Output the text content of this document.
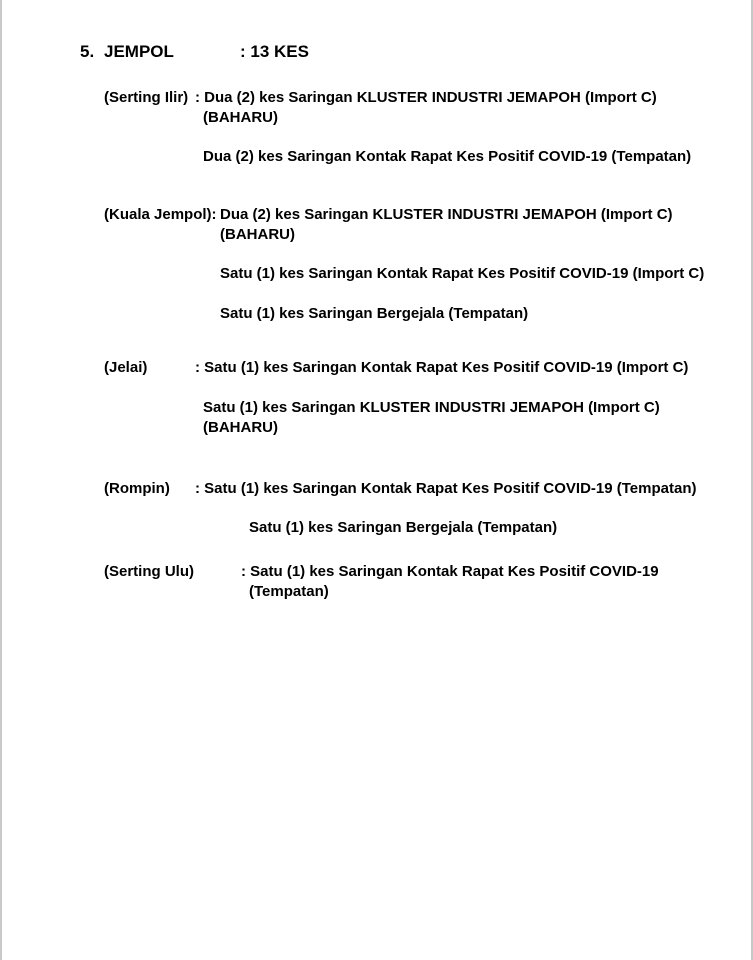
5. JEMPOL	: 13 KES
(Serting Ilir) : Dua (2) kes Saringan KLUSTER INDUSTRI JEMAPOH (Import C)
(BAHARU)
Dua (2) kes Saringan Kontak Rapat Kes Positif COVID-19 (Tempatan)
(Kuala Jempol): Dua (2) kes Saringan KLUSTER INDUSTRI JEMAPOH (Import C)
(BAHARU)
Satu (1) kes Saringan Kontak Rapat Kes Positif COVID-19 (Import C)
Satu (1) kes Saringan Bergejala (Tempatan)
(Jelai)	: Satu (1) kes Saringan Kontak Rapat Kes Positif COVID-19 (Import C)
Satu (1) kes Saringan KLUSTER INDUSTRI JEMAPOH (Import C)
(BAHARU)
(Rompin) : Satu (1) kes Saringan Kontak Rapat Kes Positif COVID-19 (Tempatan)
Satu (1) kes Saringan Bergejala (Tempatan)
(Serting Ulu)	: Satu (1) kes Saringan Kontak Rapat Kes Positif COVID-19
(Tempatan)
